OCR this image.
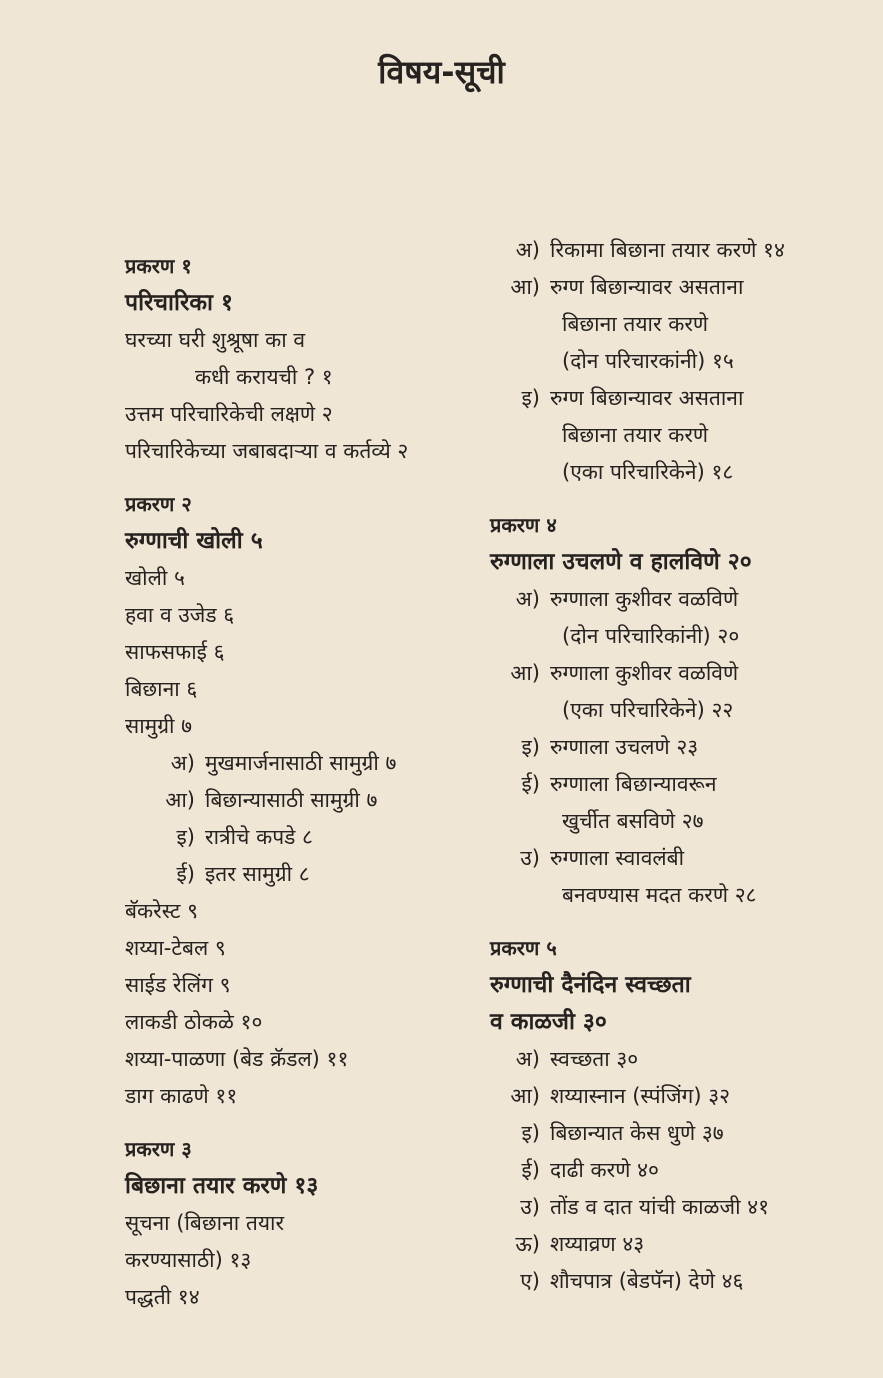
विषय-सूची
प्रकरण १
परिचारिका १
घरच्या घरी शुश्रूषा का व
कधी करायची ? १
उत्तम परिचारिकेची लक्षणे २
परिचारिकेच्या जबाबदाऱ्या व कर्तव्ये २
प्रकरण २
रुग्णाची खोली ५
खोली ५
हवा व उजेड ६
साफसफाई ६
बिछाना ६
सामुग्री ७
अ) मुखमार्जनासाठी सामुग्री ७
आ) बिछान्यासाठी सामुग्री ७
इ) रात्रीचे कपडे ८
ई) इतर सामुग्री ८
बॅकरेस्ट ९
शय्या-टेबल ९
साईड रेलिंग ९
लाकडी ठोकळे १०
शय्या-पाळणा (बेड क्रॅडल) ११
डाग काढणे ११
प्रकरण ३
बिछाना तयार करणे १३
सूचना (बिछाना तयार
करण्यासाठी) १३
पद्धती १४
अ) रिकामा बिछाना तयार करणे १४
आ) रुग्ण बिछान्यावर असताना
बिछाना तयार करणे
(दोन परिचारकांनी) १५
इ) रुग्ण बिछान्यावर असताना
बिछाना तयार करणे
(एका परिचारिकेने) १८
प्रकरण ४
रुग्णाला उचलणे व हालविणे २०
अ) रुग्णाला कुशीवर वळविणे
(दोन परिचारिकांनी) २०
आ) रुग्णाला कुशीवर वळविणे
(एका परिचारिकेने) २२
इ) रुग्णाला उचलणे २३
ई) रुग्णाला बिछान्यावरून
खुर्चीत बसविणे २७
उ) रुग्णाला स्वावलंबी
बनवण्यास मदत करणे २८
प्रकरण ५
रुग्णाची दैनंदिन स्वच्छता
व काळजी ३०
अ) स्वच्छता ३०
आ) शय्यास्नान (स्पंजिंग) ३२
इ) बिछान्यात केस धुणे ३७
ई) दाढी करणे ४०
उ) तोंड व दात यांची काळजी ४१
ऊ) शय्याव्रण ४३
ए) शौचपात्र (बेडपॅन) देणे ४६
